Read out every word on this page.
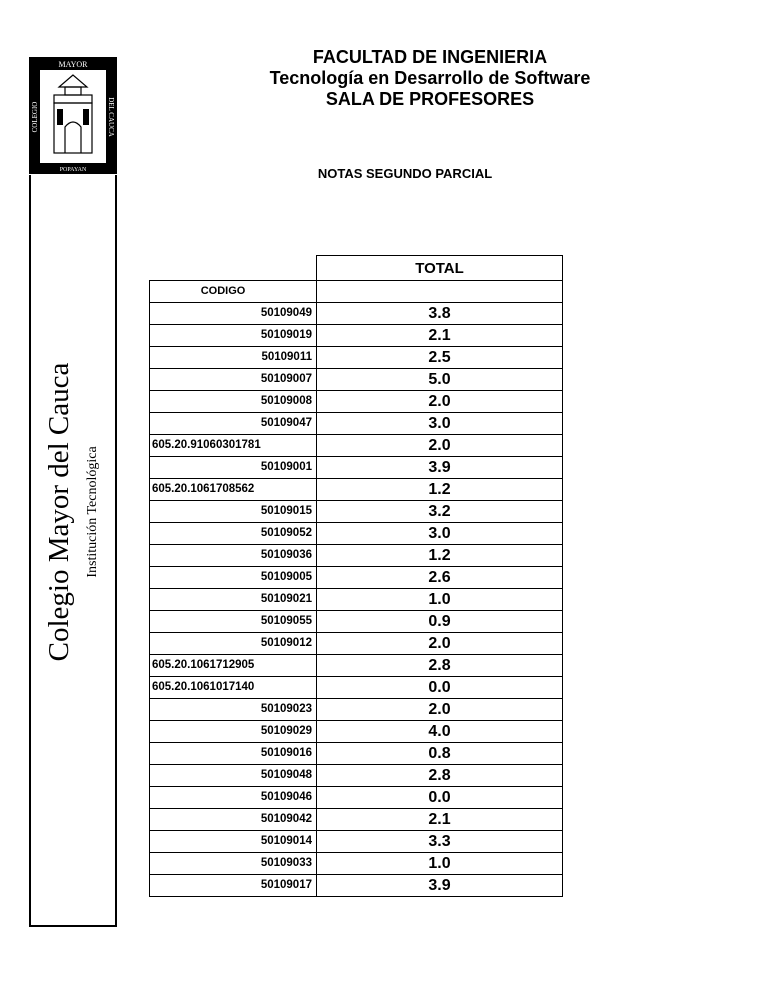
MAYOR
POPAYAN
COLEGIO	DEL CAUCA
Colegio Mayor del Cauca Institución Tecnológica
FACULTAD DE INGENIERIA
Tecnología en Desarrollo de Software
SALA DE PROFESORES
NOTAS SEGUNDO PARCIAL
	TOTAL
CODIGO	
50109049	3.8
50109019	2.1
50109011	2.5
50109007	5.0
50109008	2.0
50109047	3.0
605.20.91060301781	2.0
50109001	3.9
605.20.1061708562	1.2
50109015	3.2
50109052	3.0
50109036	1.2
50109005	2.6
50109021	1.0
50109055	0.9
50109012	2.0
605.20.1061712905	2.8
605.20.1061017140	0.0
50109023	2.0
50109029	4.0
50109016	0.8
50109048	2.8
50109046	0.0
50109042	2.1
50109014	3.3
50109033	1.0
50109017	3.9
